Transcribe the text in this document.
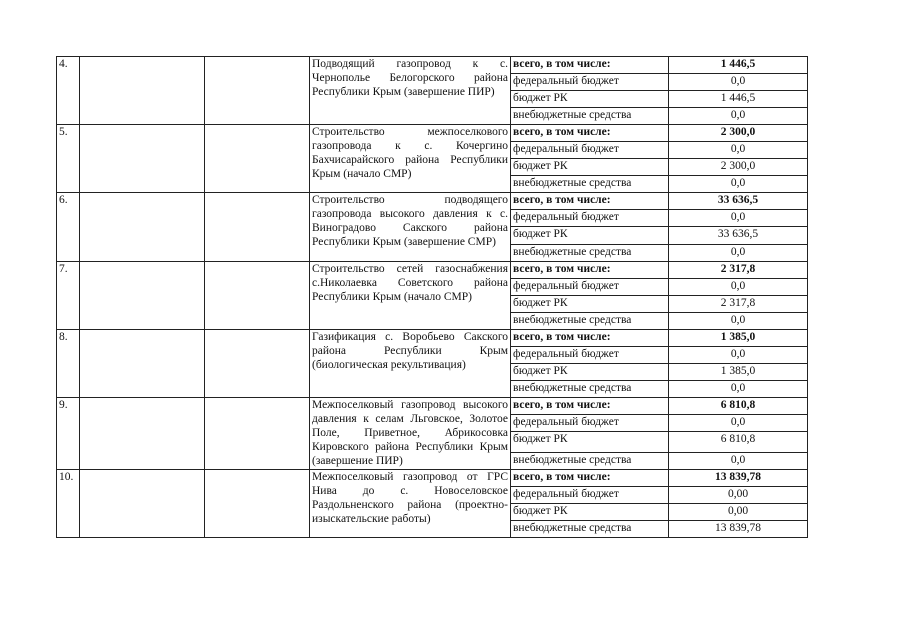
4.			Подводящий газопровод к с. Чернополье Белогорского района Республики Крым (завершение ПИР)	всего, в том числе:	1 446,5
				федеральный бюджет	0,0
				бюджет РК	1 446,5
				внебюджетные средства	0,0
5.			Строительство межпоселкового газопровода к с. Кочергино Бахчисарайского района Республики Крым (начало СМР)	всего, в том числе:	2 300,0
				федеральный бюджет	0,0
				бюджет РК	2 300,0
				внебюджетные средства	0,0
6.			Строительство подводящего газопровода высокого давления к с. Виноградово Сакского района Республики Крым (завершение СМР)	всего, в том числе:	33 636,5
				федеральный бюджет	0,0
				бюджет РК	33 636,5
				внебюджетные средства	0,0
7.			Строительство сетей газоснабжения с.Николаевка Советского района Республики Крым (начало СМР)	всего, в том числе:	2 317,8
				федеральный бюджет	0,0
				бюджет РК	2 317,8
				внебюджетные средства	0,0
8.			Газификация с. Воробьево Сакского района Республики Крым (биологическая рекультивация)	всего, в том числе:	1 385,0
				федеральный бюджет	0,0
				бюджет РК	1 385,0
				внебюджетные средства	0,0
9.			Межпоселковый газопровод высокого давления к селам Льговское, Золотое Поле, Приветное, Абрикосовка Кировского района Республики Крым (завершение ПИР)	всего, в том числе:	6 810,8
				федеральный бюджет	0,0
				бюджет РК	6 810,8
				внебюджетные средства	0,0
10.			Межпоселковый газопровод от ГРС Нива до с. Новоселовское Раздольненского района (проектно-изыскательские работы)	всего, в том числе:	13 839,78
				федеральный бюджет	0,00
				бюджет РК	0,00
				внебюджетные средства	13 839,78
